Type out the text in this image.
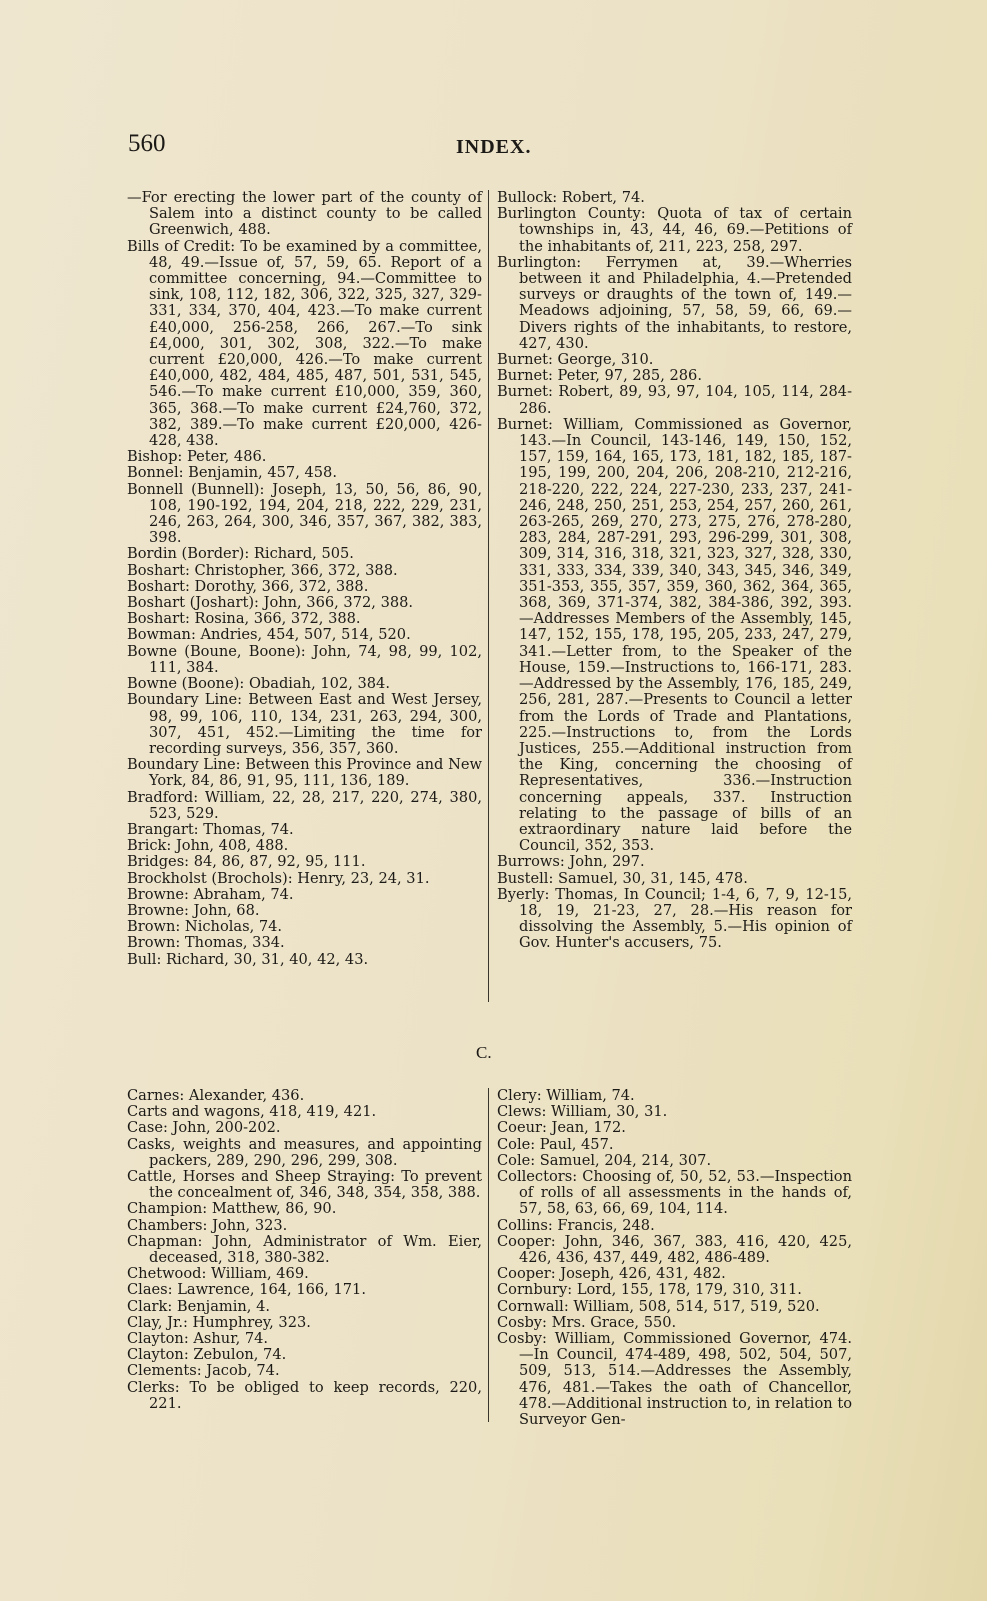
560	INDEX.

—For erecting the lower part of the county of Salem into a distinct county to be called Greenwich, 488.

Bills of Credit: To be examined by a committee, 48, 49.—Issue of, 57, 59, 65. Report of a committee concerning, 94.—Committee to sink, 108, 112, 182, 306, 322, 325, 327, 329-331, 334, 370, 404, 423.—To make current £40,000, 256-258, 266, 267.—To sink £4,000, 301, 302, 308, 322.—To make current £20,000, 426.—To make current £40,000, 482, 484, 485, 487, 501, 531, 545, 546.—To make current £10,000, 359, 360, 365, 368.—To make current £24,760, 372, 382, 389.—To make current £20,000, 426-428, 438.

Bishop: Peter, 486.

Bonnel: Benjamin, 457, 458.

Bonnell (Bunnell): Joseph, 13, 50, 56, 86, 90, 108, 190-192, 194, 204, 218, 222, 229, 231, 246, 263, 264, 300, 346, 357, 367, 382, 383, 398.

Bordin (Border): Richard, 505.

Boshart: Christopher, 366, 372, 388.

Boshart: Dorothy, 366, 372, 388.

Boshart (Joshart): John, 366, 372, 388.

Boshart: Rosina, 366, 372, 388.

Bowman: Andries, 454, 507, 514, 520.

Bowne (Boune, Boone): John, 74, 98, 99, 102, 111, 384.

Bowne (Boone): Obadiah, 102, 384.

Boundary Line: Between East and West Jersey, 98, 99, 106, 110, 134, 231, 263, 294, 300, 307, 451, 452.—Limiting the time for recording surveys, 356, 357, 360.

Boundary Line: Between this Province and New York, 84, 86, 91, 95, 111, 136, 189.

Bradford: William, 22, 28, 217, 220, 274, 380, 523, 529.

Brangart: Thomas, 74.

Brick: John, 408, 488.

Bridges: 84, 86, 87, 92, 95, 111.

Brockholst (Brochols): Henry, 23, 24, 31.

Browne: Abraham, 74.

Browne: John, 68.

Brown: Nicholas, 74.

Brown: Thomas, 334.

Bull: Richard, 30, 31, 40, 42, 43.

Bullock: Robert, 74.

Burlington County: Quota of tax of certain townships in, 43, 44, 46, 69.—Petitions of the inhabitants of, 211, 223, 258, 297.

Burlington: Ferrymen at, 39.—Wherries between it and Philadelphia, 4.—Pretended surveys or draughts of the town of, 149.—Meadows adjoining, 57, 58, 59, 66, 69.—Divers rights of the inhabitants, to restore, 427, 430.

Burnet: George, 310.

Burnet: Peter, 97, 285, 286.

Burnet: Robert, 89, 93, 97, 104, 105, 114, 284-286.

Burnet: William, Commissioned as Governor, 143.—In Council, 143-146, 149, 150, 152, 157, 159, 164, 165, 173, 181, 182, 185, 187-195, 199, 200, 204, 206, 208-210, 212-216, 218-220, 222, 224, 227-230, 233, 237, 241-246, 248, 250, 251, 253, 254, 257, 260, 261, 263-265, 269, 270, 273, 275, 276, 278-280, 283, 284, 287-291, 293, 296-299, 301, 308, 309, 314, 316, 318, 321, 323, 327, 328, 330, 331, 333, 334, 339, 340, 343, 345, 346, 349, 351-353, 355, 357, 359, 360, 362, 364, 365, 368, 369, 371-374, 382, 384-386, 392, 393.—Addresses Members of the Assembly, 145, 147, 152, 155, 178, 195, 205, 233, 247, 279, 341.—Letter from, to the Speaker of the House, 159.—Instructions to, 166-171, 283.—Addressed by the Assembly, 176, 185, 249, 256, 281, 287.—Presents to Council a letter from the Lords of Trade and Plantations, 225.—Instructions to, from the Lords Justices, 255.—Additional instruction from the King, concerning the choosing of Representatives, 336.—Instruction concerning appeals, 337. Instruction relating to the passage of bills of an extraordinary nature laid before the Council, 352, 353.

Burrows: John, 297.

Bustell: Samuel, 30, 31, 145, 478.

Byerly: Thomas, In Council; 1-4, 6, 7, 9, 12-15, 18, 19, 21-23, 27, 28.—His reason for dissolving the Assembly, 5.—His opinion of Gov. Hunter's accusers, 75.

C.

Carnes: Alexander, 436.

Carts and wagons, 418, 419, 421.

Case: John, 200-202.

Casks, weights and measures, and appointing packers, 289, 290, 296, 299, 308.

Cattle, Horses and Sheep Straying: To prevent the concealment of, 346, 348, 354, 358, 388.

Champion: Matthew, 86, 90.

Chambers: John, 323.

Chapman: John, Administrator of Wm. Eier, deceased, 318, 380-382.

Chetwood: William, 469.

Claes: Lawrence, 164, 166, 171.

Clark: Benjamin, 4.

Clay, Jr.: Humphrey, 323.

Clayton: Ashur, 74.

Clayton: Zebulon, 74.

Clements: Jacob, 74.

Clerks: To be obliged to keep records, 220, 221.

Clery: William, 74.

Clews: William, 30, 31.

Coeur: Jean, 172.

Cole: Paul, 457.

Cole: Samuel, 204, 214, 307.

Collectors: Choosing of, 50, 52, 53.—Inspection of rolls of all assessments in the hands of, 57, 58, 63, 66, 69, 104, 114.

Collins: Francis, 248.

Cooper: John, 346, 367, 383, 416, 420, 425, 426, 436, 437, 449, 482, 486-489.

Cooper: Joseph, 426, 431, 482.

Cornbury: Lord, 155, 178, 179, 310, 311.

Cornwall: William, 508, 514, 517, 519, 520.

Cosby: Mrs. Grace, 550.

Cosby: William, Commissioned Governor, 474.—In Council, 474-489, 498, 502, 504, 507, 509, 513, 514.—Addresses the Assembly, 476, 481.—Takes the oath of Chancellor, 478.—Additional instruction to, in relation to Surveyor Gen-
